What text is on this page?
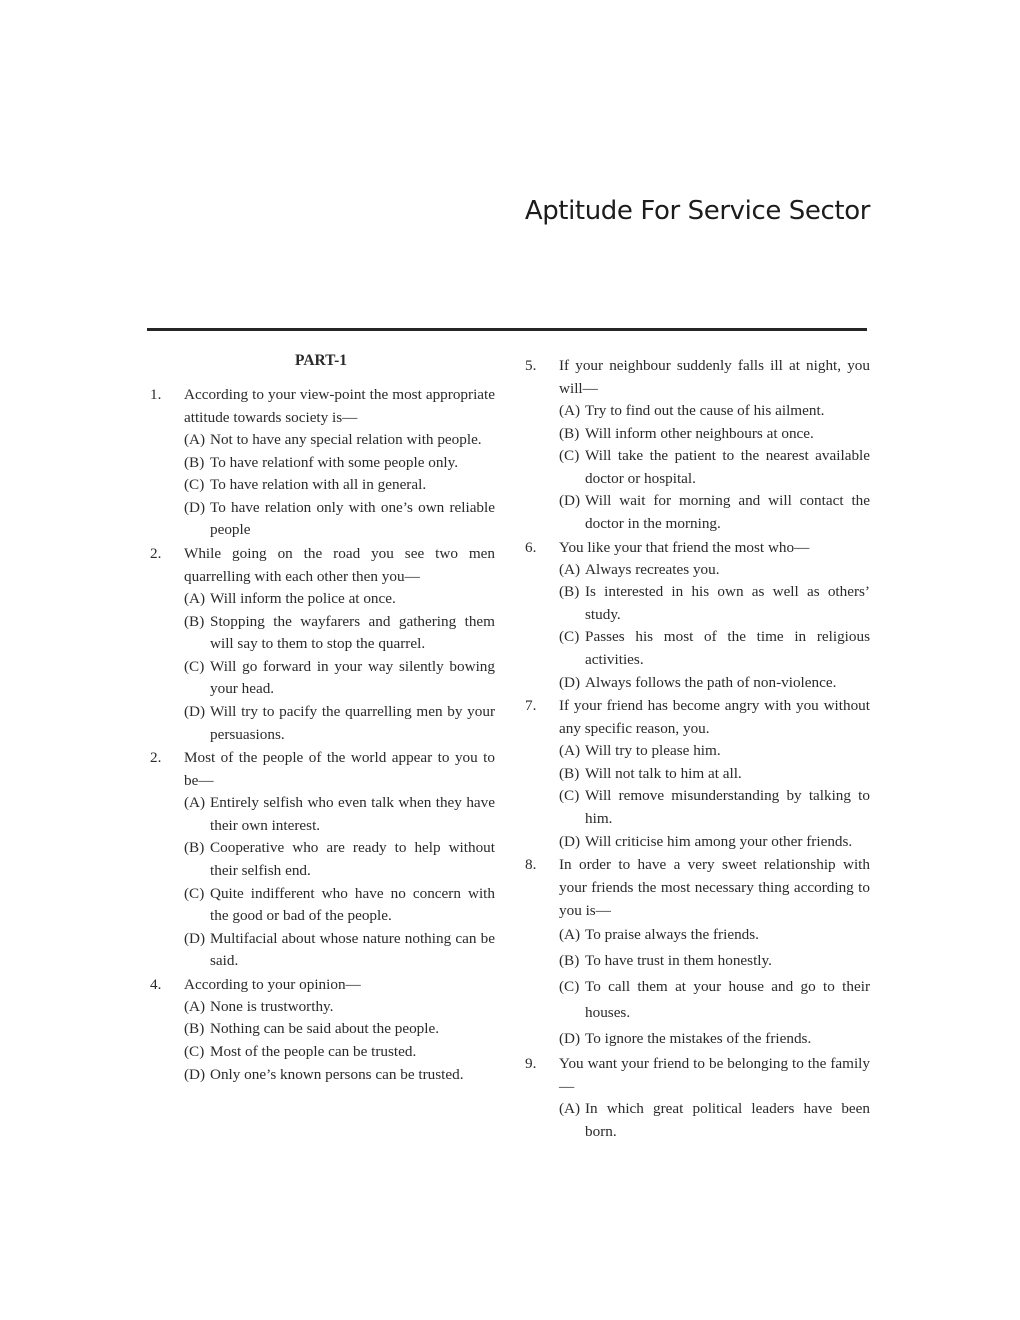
Aptitude For Service Sector
PART-1
1. According to your view-point the most appropriate attitude towards society is—
(A) Not to have any special relation with people.
(B) To have relationf with some people only.
(C) To have relation with all in general.
(D) To have relation only with one’s own reliable people
2. While going on the road you see two men quarrelling with each other then you—
(A) Will inform the police at once.
(B) Stopping the wayfarers and gathering them will say to them to stop the quarrel.
(C) Will go forward in your way silently bowing your head.
(D) Will try to pacify the quarrelling men by your persuasions.
2. Most of the people of the world appear to you to be—
(A) Entirely selfish who even talk when they have their own interest.
(B) Cooperative who are ready to help without their selfish end.
(C) Quite indifferent who have no concern with the good or bad of the people.
(D) Multifacial about whose nature nothing can be said.
4. According to your opinion—
(A) None is trustworthy.
(B) Nothing can be said about the people.
(C) Most of the people can be trusted.
(D) Only one’s known persons can be trusted.
5. If your neighbour suddenly falls ill at night, you will—
(A) Try to find out the cause of his ailment.
(B) Will inform other neighbours at once.
(C) Will take the patient to the nearest available doctor or hospital.
(D) Will wait for morning and will contact the doctor in the morning.
6. You like your that friend the most who—
(A) Always recreates you.
(B) Is interested in his own as well as others’ study.
(C) Passes his most of the time in religious activities.
(D) Always follows the path of non-violence.
7. If your friend has become angry with you without any specific reason, you.
(A) Will try to please him.
(B) Will not talk to him at all.
(C) Will remove misunderstanding by talking to him.
(D) Will criticise him among your other friends.
8. In order to have a very sweet relationship with your friends the most necessary thing according to you is—
(A) To praise always the friends.
(B) To have trust in them honestly.
(C) To call them at your house and go to their houses.
(D) To ignore the mistakes of the friends.
9. You want your friend to be belonging to the family—
(A) In which great political leaders have been born.
